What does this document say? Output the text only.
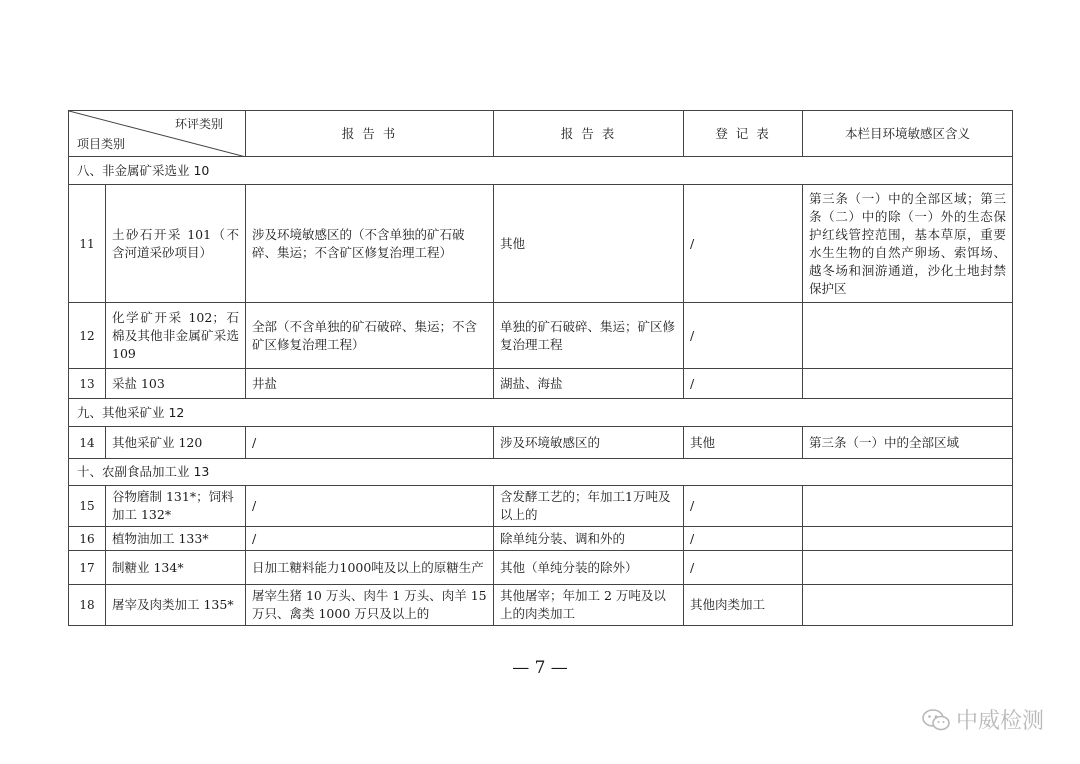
环评类别
项目类别		报 告 书	报 告 表	登 记 表	本栏目环境敏感区含义
八、非金属矿采选业 10					
11	土砂石开采 101（不含河道采砂项目）	涉及环境敏感区的（不含单独的矿石破碎、集运；不含矿区修复治理工程）	其他	/	第三条（一）中的全部区域；第三条（二）中的除（一）外的生态保护红线管控范围，基本草原，重要水生生物的自然产卵场、索饵场、越冬场和洄游通道，沙化土地封禁保护区
12	化学矿开采 102；石棉及其他非金属矿采选 109	全部（不含单独的矿石破碎、集运；不含矿区修复治理工程）	单独的矿石破碎、集运；矿区修复治理工程	/	
13	采盐 103	井盐	湖盐、海盐	/	
九、其他采矿业 12					
14	其他采矿业 120	/	涉及环境敏感区的	其他	第三条（一）中的全部区域
十、农副食品加工业 13					
15	谷物磨制 131*；饲料加工 132*	/	含发酵工艺的；年加工1万吨及以上的	/	
16	植物油加工 133*	/	除单纯分装、调和外的	/	
17	制糖业 134*	日加工糖料能力1000吨及以上的原糖生产	其他（单纯分装的除外）	/	
18	屠宰及肉类加工 135*	屠宰生猪 10 万头、肉牛 1 万头、肉羊 15 万只、禽类 1000 万只及以上的	其他屠宰；年加工 2 万吨及以上的肉类加工	其他肉类加工	
— 7 —
中威检测
